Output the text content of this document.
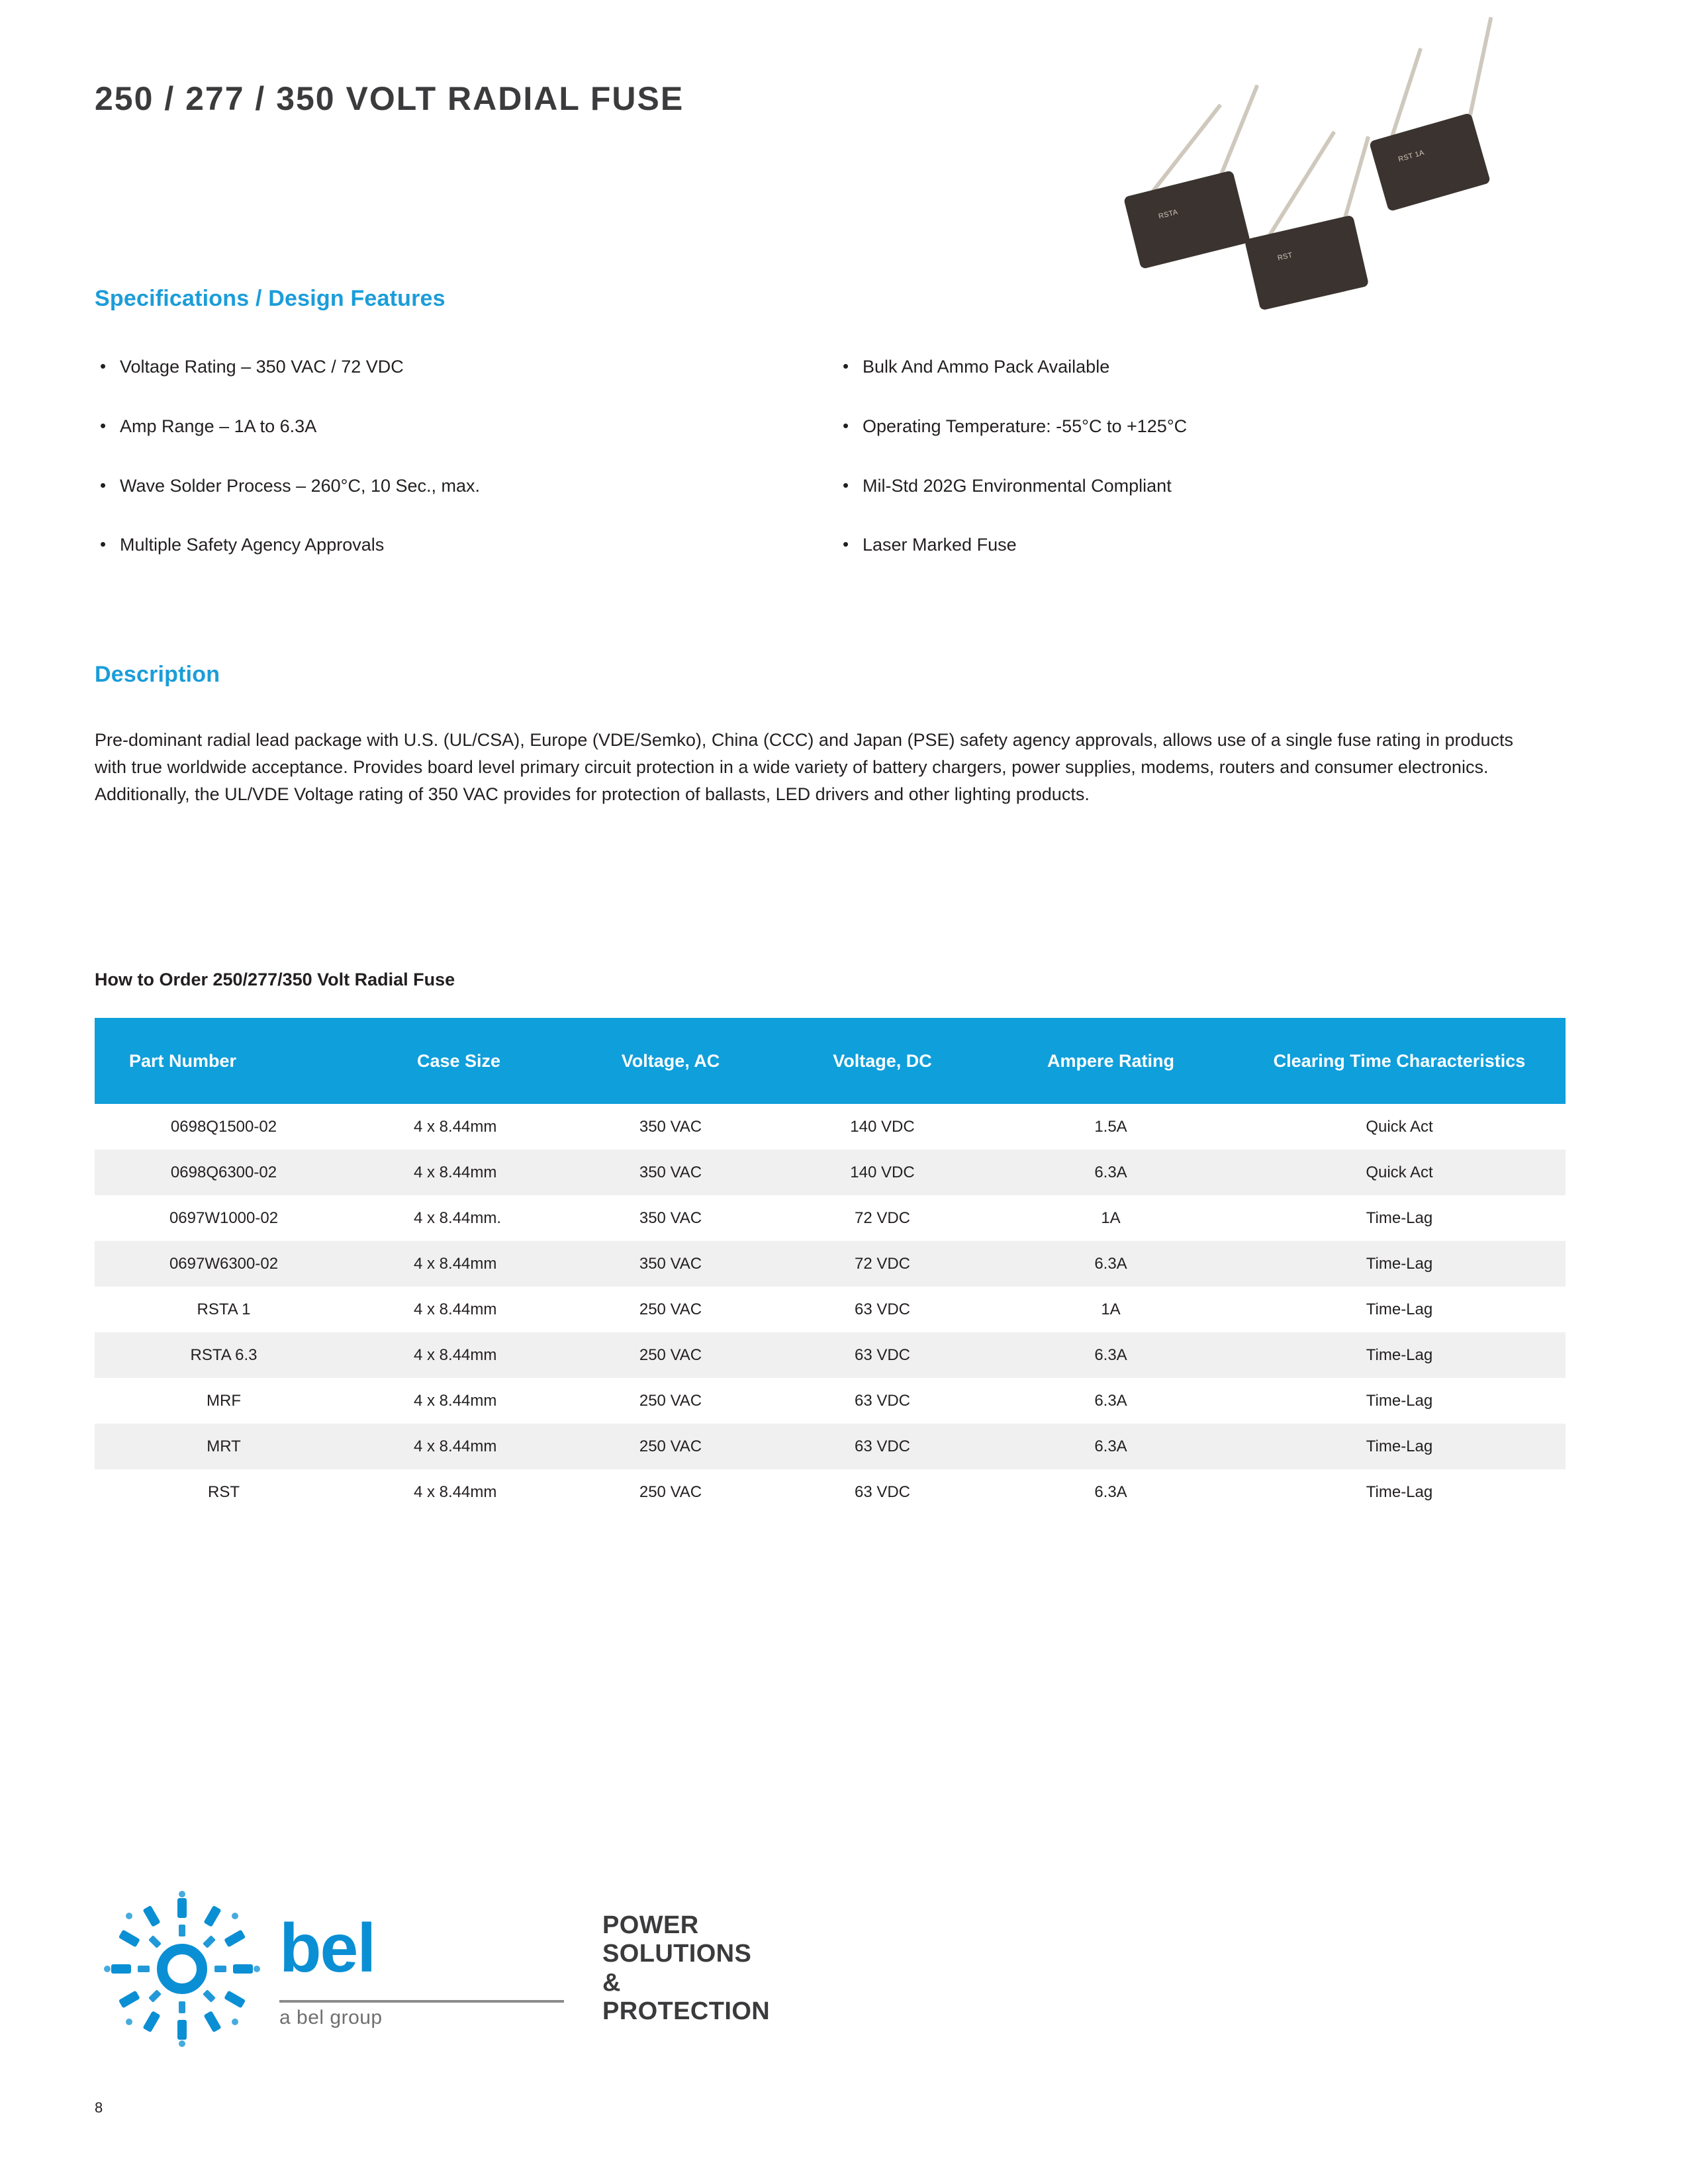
250 / 277 / 350 VOLT RADIAL FUSE
RST 1A
RSTA
RST
Specifications / Design Features
• Voltage Rating – 350 VAC / 72 VDC
• Amp Range – 1A to 6.3A
• Wave Solder Process – 260°C, 10 Sec., max.
• Multiple Safety Agency Approvals
• Bulk And Ammo Pack Available
• Operating Temperature: -55°C to +125°C
• Mil-Std 202G Environmental Compliant
• Laser Marked Fuse
Description
Pre-dominant radial lead package with U.S. (UL/CSA), Europe (VDE/Semko), China (CCC) and Japan (PSE) safety agency approvals, allows use of a single fuse rating in products with true worldwide acceptance. Provides board level primary circuit protection in a wide variety of battery chargers, power supplies, modems, routers and consumer electronics. Additionally, the UL/VDE Voltage rating of 350 VAC provides for protection of ballasts, LED drivers and other lighting products.
How to Order 250/277/350 Volt Radial Fuse
Part Number	Case Size	Voltage, AC	Voltage, DC	Ampere Rating	Clearing Time Characteristics
0698Q1500-02	4 x 8.44mm	350 VAC	140 VDC	1.5A	Quick Act
0698Q6300-02	4 x 8.44mm	350 VAC	140 VDC	6.3A	Quick Act
0697W1000-02	4 x 8.44mm.	350 VAC	72 VDC	1A	Time-Lag
0697W6300-02	4 x 8.44mm	350 VAC	72 VDC	6.3A	Time-Lag
RSTA 1	4 x 8.44mm	250 VAC	63 VDC	1A	Time-Lag
RSTA 6.3	4 x 8.44mm	250 VAC	63 VDC	6.3A	Time-Lag
MRF	4 x 8.44mm	250 VAC	63 VDC	6.3A	Time-Lag
MRT	4 x 8.44mm	250 VAC	63 VDC	6.3A	Time-Lag
RST	4 x 8.44mm	250 VAC	63 VDC	6.3A	Time-Lag
bel
a bel group
POWER
SOLUTIONS &
PROTECTION
8
